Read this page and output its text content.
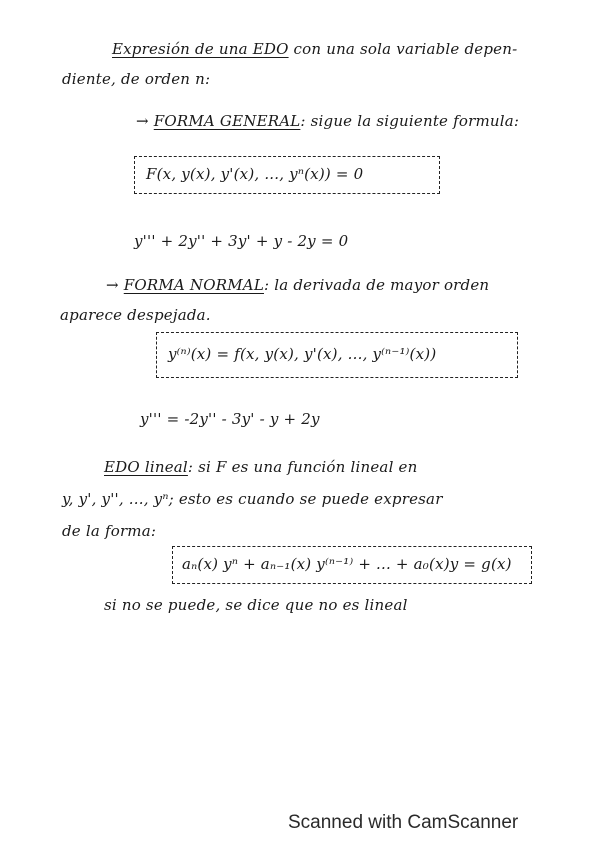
Expresión de una EDO con una sola variable depen-
diente, de orden n:
→ FORMA GENERAL: sigue la siguiente formula:
F(x, y(x), y'(x), ..., yⁿ(x)) = 0
y''' + 2y'' + 3y' + y - 2y = 0
→ FORMA NORMAL: la derivada de mayor orden
aparece despejada.
y⁽ⁿ⁾(x) = f(x, y(x), y'(x), ..., y⁽ⁿ⁻¹⁾(x))
y''' = -2y'' - 3y' - y + 2y
EDO lineal: si F es una función lineal en
y, y', y'', ..., yⁿ; esto es cuando se puede expresar
de la forma:
aₙ(x) yⁿ + aₙ₋₁(x) y⁽ⁿ⁻¹⁾ + ... + a₀(x)y = g(x)
si no se puede, se dice que no es lineal
Scanned with CamScanner
